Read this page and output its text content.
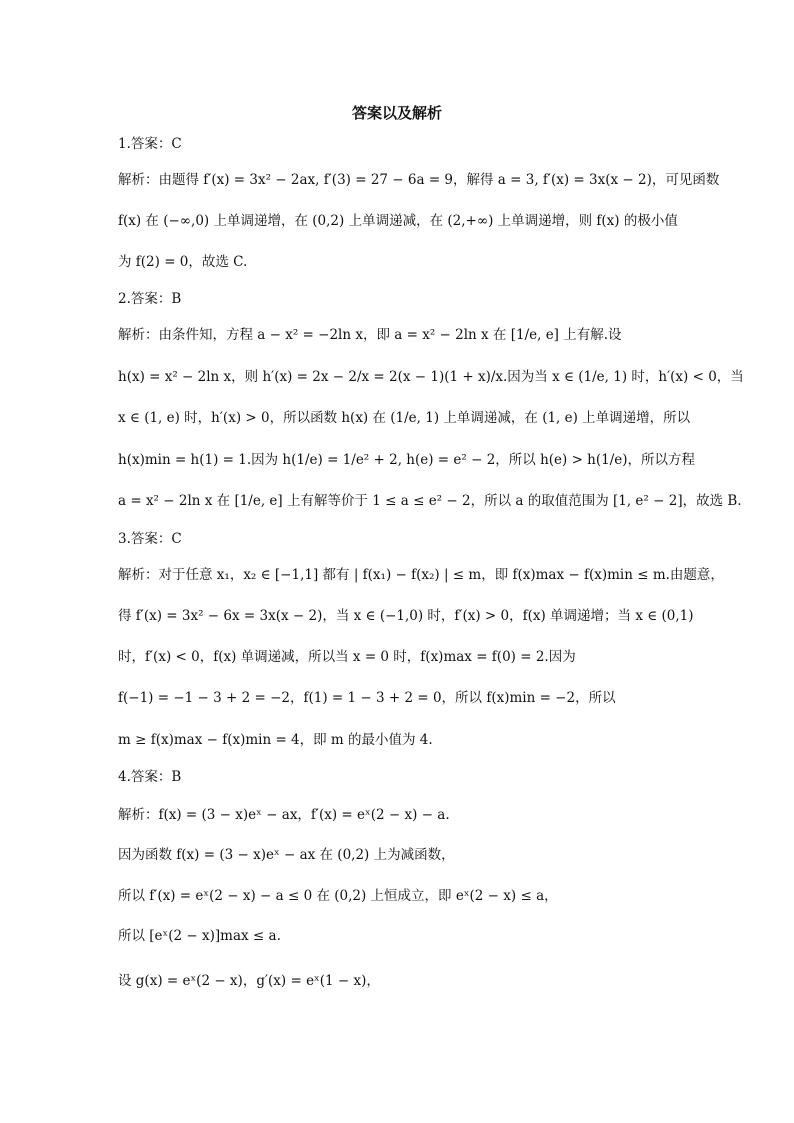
答案以及解析
1.答案：C
解析：由题得 f′(x) = 3x² − 2ax, f′(3) = 27 − 6a = 9，解得 a = 3, f′(x) = 3x(x − 2)，可见函数
f(x) 在 (−∞,0) 上单调递增，在 (0,2) 上单调递减，在 (2,+∞) 上单调递增，则 f(x) 的极小值
为 f(2) = 0，故选 C.
2.答案：B
解析：由条件知，方程 a − x² = −2ln x，即 a = x² − 2ln x 在 [1/e, e] 上有解.设
h(x) = x² − 2ln x，则 h′(x) = 2x − 2/x = 2(x − 1)(1 + x)/x.因为当 x ∈ (1/e, 1) 时，h′(x) < 0，当
x ∈ (1, e) 时，h′(x) > 0，所以函数 h(x) 在 (1/e, 1) 上单调递减，在 (1, e) 上单调递增，所以
h(x)min = h(1) = 1.因为 h(1/e) = 1/e² + 2, h(e) = e² − 2，所以 h(e) > h(1/e)，所以方程
a = x² − 2ln x 在 [1/e, e] 上有解等价于 1 ≤ a ≤ e² − 2，所以 a 的取值范围为 [1, e² − 2]，故选 B.
3.答案：C
解析：对于任意 x₁，x₂ ∈ [−1,1] 都有 | f(x₁) − f(x₂) | ≤ m，即 f(x)max − f(x)min ≤ m.由题意，
得 f′(x) = 3x² − 6x = 3x(x − 2)，当 x ∈ (−1,0) 时，f′(x) > 0，f(x) 单调递增；当 x ∈ (0,1)
时，f′(x) < 0，f(x) 单调递减，所以当 x = 0 时，f(x)max = f(0) = 2.因为
f(−1) = −1 − 3 + 2 = −2，f(1) = 1 − 3 + 2 = 0，所以 f(x)min = −2，所以
m ≥ f(x)max − f(x)min = 4，即 m 的最小值为 4.
4.答案：B
解析：f(x) = (3 − x)eˣ − ax，f′(x) = eˣ(2 − x) − a.
因为函数 f(x) = (3 − x)eˣ − ax 在 (0,2) 上为减函数，
所以 f′(x) = eˣ(2 − x) − a ≤ 0 在 (0,2) 上恒成立，即 eˣ(2 − x) ≤ a，
所以 [eˣ(2 − x)]max ≤ a.
设 g(x) = eˣ(2 − x)，g′(x) = eˣ(1 − x)，
